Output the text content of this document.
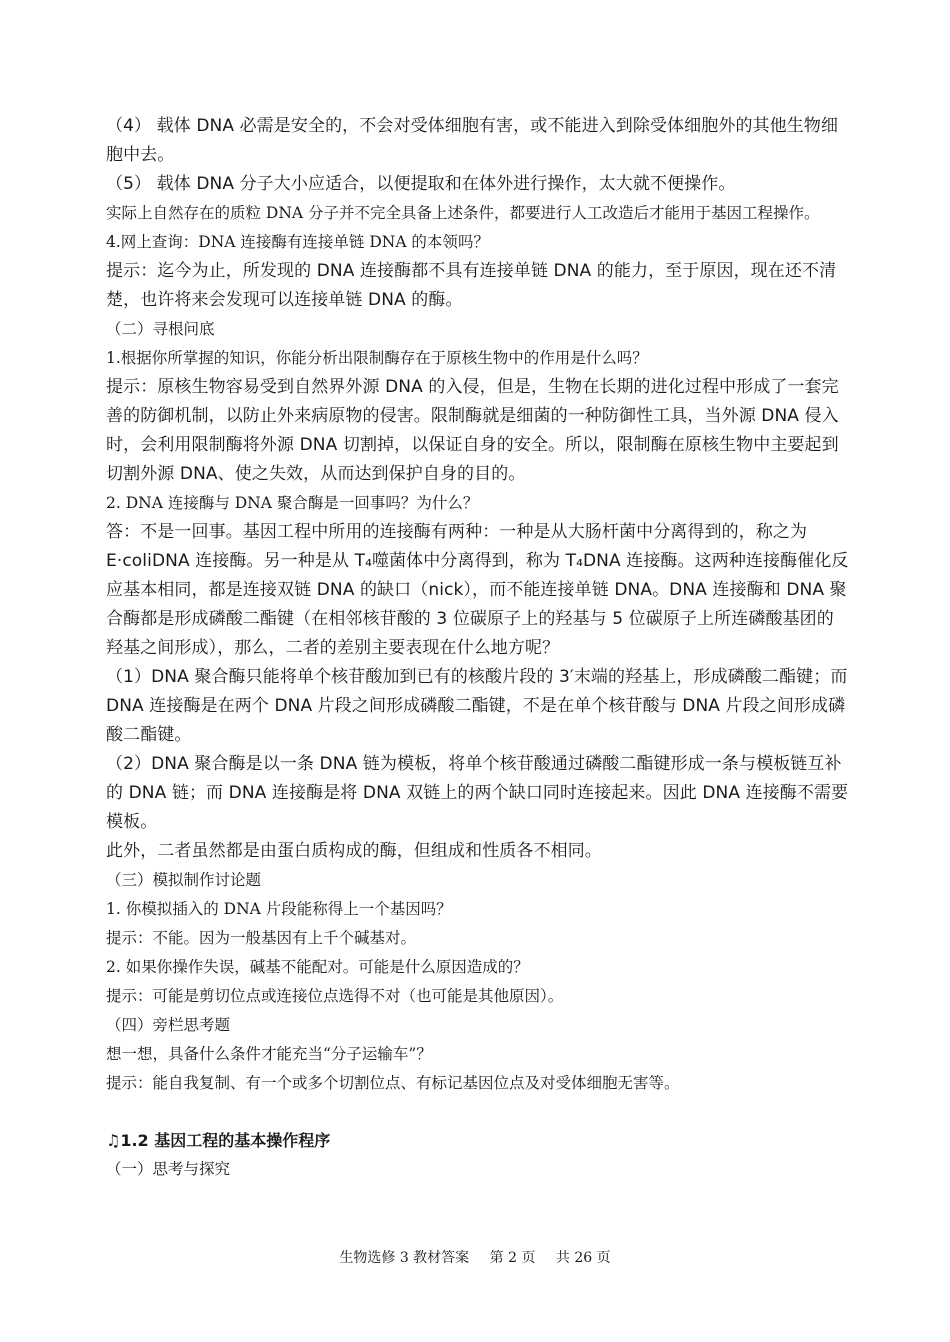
（4） 载体 DNA 必需是安全的，不会对受体细胞有害，或不能进入到除受体细胞外的其他生物细胞中去。

（5） 载体 DNA 分子大小应适合，以便提取和在体外进行操作，太大就不便操作。

实际上自然存在的质粒 DNA 分子并不完全具备上述条件，都要进行人工改造后才能用于基因工程操作。

4.网上查询：DNA 连接酶有连接单链 DNA 的本领吗？

提示：迄今为止，所发现的 DNA 连接酶都不具有连接单链 DNA 的能力，至于原因，现在还不清楚，也许将来会发现可以连接单链 DNA 的酶。

（二）寻根问底

1.根据你所掌握的知识，你能分析出限制酶存在于原核生物中的作用是什么吗？

提示：原核生物容易受到自然界外源 DNA 的入侵，但是，生物在长期的进化过程中形成了一套完善的防御机制，以防止外来病原物的侵害。限制酶就是细菌的一种防御性工具，当外源 DNA 侵入时，会利用限制酶将外源 DNA 切割掉，以保证自身的安全。所以，限制酶在原核生物中主要起到切割外源 DNA、使之失效，从而达到保护自身的目的。

2. DNA 连接酶与 DNA 聚合酶是一回事吗？为什么？

答：不是一回事。基因工程中所用的连接酶有两种：一种是从大肠杆菌中分离得到的，称之为 E·coliDNA 连接酶。另一种是从 T₄噬菌体中分离得到，称为 T₄DNA 连接酶。这两种连接酶催化反应基本相同，都是连接双链 DNA 的缺口（nick），而不能连接单链 DNA。DNA 连接酶和 DNA 聚合酶都是形成磷酸二酯键（在相邻核苷酸的 3 位碳原子上的羟基与 5 位碳原子上所连磷酸基团的羟基之间形成），那么，二者的差别主要表现在什么地方呢？

（1）DNA 聚合酶只能将单个核苷酸加到已有的核酸片段的 3′末端的羟基上，形成磷酸二酯键；而 DNA 连接酶是在两个 DNA 片段之间形成磷酸二酯键，不是在单个核苷酸与 DNA 片段之间形成磷酸二酯键。

（2）DNA 聚合酶是以一条 DNA 链为模板，将单个核苷酸通过磷酸二酯键形成一条与模板链互补的 DNA 链；而 DNA 连接酶是将 DNA 双链上的两个缺口同时连接起来。因此 DNA 连接酶不需要模板。

此外，二者虽然都是由蛋白质构成的酶，但组成和性质各不相同。

（三）模拟制作讨论题

1. 你模拟插入的 DNA 片段能称得上一个基因吗？

提示：不能。因为一般基因有上千个碱基对。

2. 如果你操作失误，碱基不能配对。可能是什么原因造成的？

提示：可能是剪切位点或连接位点选得不对（也可能是其他原因）。

（四）旁栏思考题

想一想，具备什么条件才能充当“分子运输车”？

提示：能自我复制、有一个或多个切割位点、有标记基因位点及对受体细胞无害等。

♫1.2 基因工程的基本操作程序

（一）思考与探究

生物选修 3 教材答案 第 2 页 共 26 页
